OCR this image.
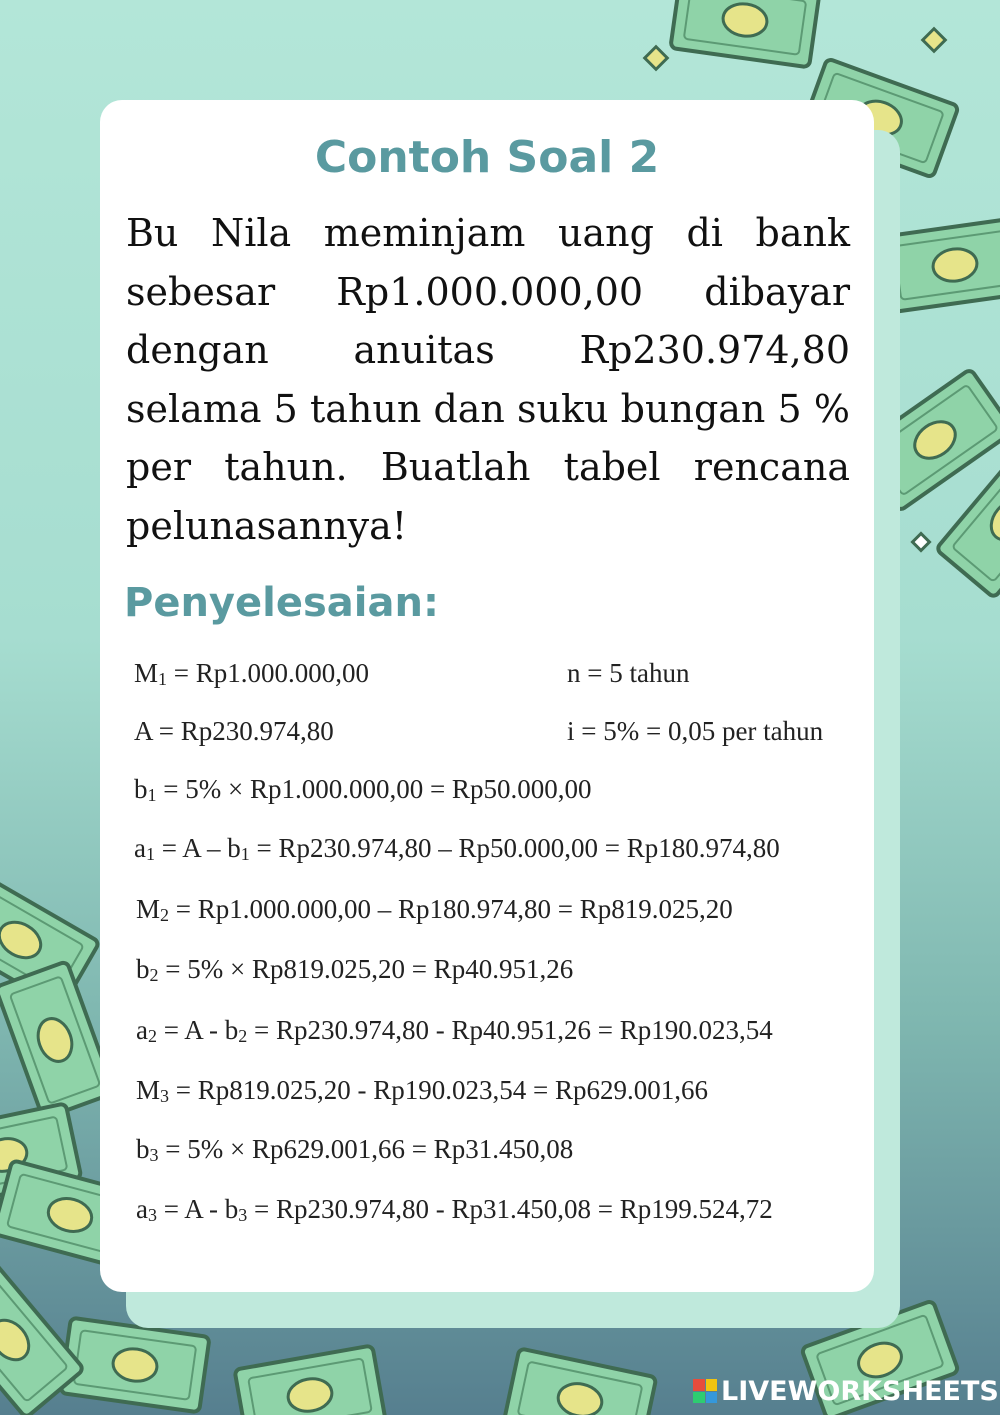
Contoh Soal 2

Bu Nila meminjam uang di bank sebesar Rp1.000.000,00 dibayar dengan anuitas Rp230.974,80 selama 5 tahun dan suku bungan 5 % per tahun. Buatlah tabel rencana pelunasannya!

Penyelesaian:

M1 = Rp1.000.000,00	n = 5 tahun

A = Rp230.974,80	i = 5% = 0,05 per tahun

b1 = 5% × Rp1.000.000,00 = Rp50.000,00

a1 = A – b1 = Rp230.974,80 – Rp50.000,00 = Rp180.974,80

M2 = Rp1.000.000,00 – Rp180.974,80 = Rp819.025,20

b2 = 5% × Rp819.025,20 = Rp40.951,26

a2 = A - b2 = Rp230.974,80 - Rp40.951,26 = Rp190.023,54

M3 = Rp819.025,20 - Rp190.023,54 = Rp629.001,66

b3 = 5% × Rp629.001,66 = Rp31.450,08

a3 = A - b3 = Rp230.974,80 - Rp31.450,08 = Rp199.524,72

LIVEWORKSHEETS
